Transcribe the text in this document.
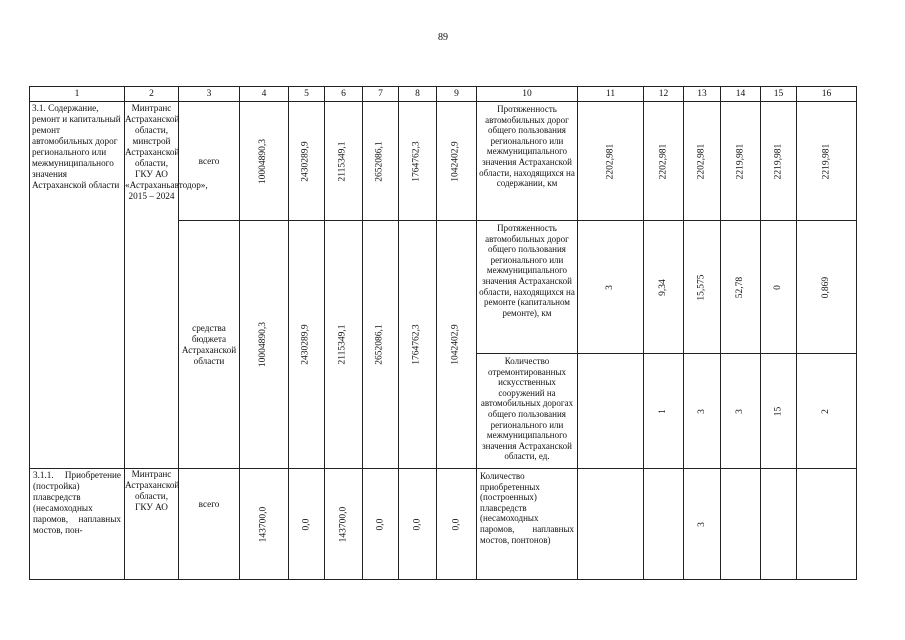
89
1	2	3	4	5	6	7	8	9	10	11	12	13	14	15	16
3.1. Содержание, ремонт и капитальный ремонт автомобильных дорог регионального или межмуниципального значения Астраханской области	Минтранс Астраханской области, минстрой Астраханской области, ГКУ АО «Астраханьавтодор», 2015 – 2024	всего	10004890,3	2430289,9	2115349,1	2652086,1	1764762,3	1042402,9	Протяженность автомобильных дорог общего пользования регионального или межмуниципального значения Астраханской области, находящихся на содержании, км	2202,981	2202,981	2202,981	2219,981	2219,981	2219,981

		средства бюджета Астраханской области	10004890,3	2430289,9	2115349,1	2652086,1	1764762,3	1042402,9	Протяженность автомобильных дорог общего пользования регионального или межмуниципального значения Астраханской области, находящихся на ремонте (капитальном ремонте), км	3	9,34	15,575	52,78	0	0,869

									Количество отремонтированных искусственных сооружений на автомобильных дорогах общего пользования регионального или межмуниципального значения Астраханской области, ед.		1	3	3	15	2

3.1.1. Приобретение (постройка) плавсредств (несамоходных паромов, наплавных мостов, пон-	Минтранс Астраханской области, ГКУ АО	всего	143700,0	0,0	143700,0	0,0	0,0	0,0	Количество приобретенных (построенных) плавсредств (несамоходных паромов, наплавных мостов, понтонов)			3			
